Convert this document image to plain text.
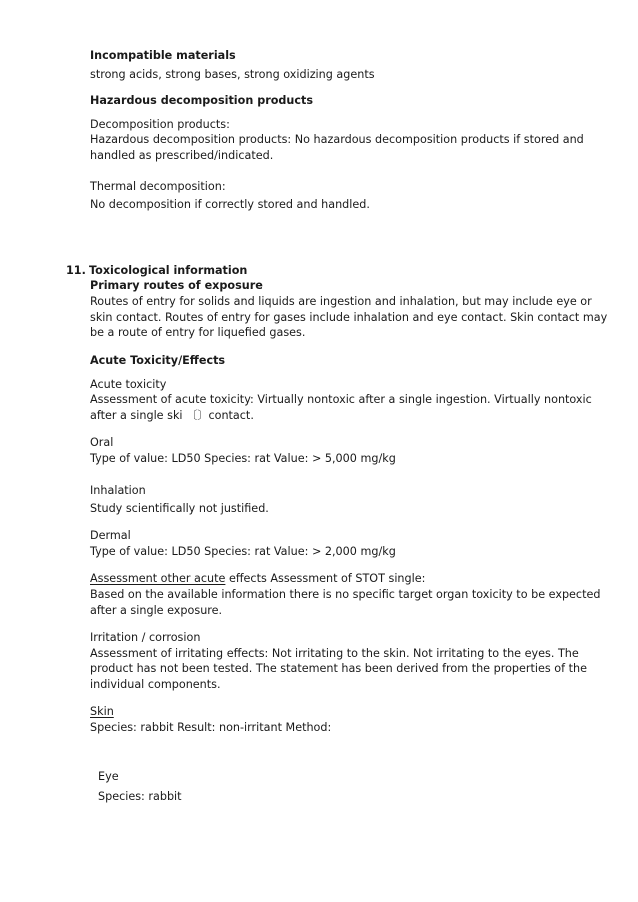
Incompatible materials
strong acids, strong bases, strong oxidizing agents
Hazardous decomposition products
Decomposition products:
Hazardous decomposition products: No hazardous decomposition products if stored and
handled as prescribed/indicated.
Thermal decomposition:
No decomposition if correctly stored and handled.
11. Toxicological information
Primary routes of exposure
Routes of entry for solids and liquids are ingestion and inhalation, but may include eye or
skin contact. Routes of entry for gases include inhalation and eye contact. Skin contact may
be a route of entry for liquefied gases.
Acute Toxicity/Effects
Acute toxicity
Assessment of acute toxicity: Virtually nontoxic after a single ingestion. Virtually nontoxic
after a single ski 〔〕contact.
Oral
Type of value: LD50 Species: rat Value: > 5,000 mg/kg
Inhalation
Study scientifically not justified.
Dermal
Type of value: LD50 Species: rat Value: > 2,000 mg/kg
Assessment other acute effects Assessment of STOT single:
Based on the available information there is no specific target organ toxicity to be expected
after a single exposure.
Irritation / corrosion
Assessment of irritating effects: Not irritating to the skin. Not irritating to the eyes. The
product has not been tested. The statement has been derived from the properties of the
individual components.
Skin
Species: rabbit Result: non-irritant Method:
Eye
Species: rabbit
